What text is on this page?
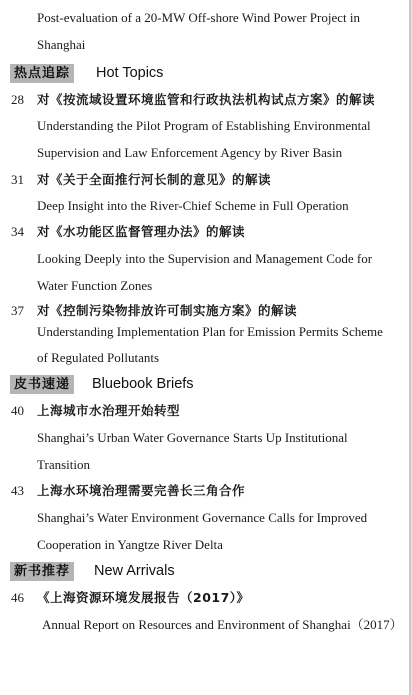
Post-evaluation of a 20-MW Off-shore Wind Power Project in
Shanghai
热点追踪 Hot Topics
28 对《按流域设置环境监管和行政执法机构试点方案》的解读
Understanding the Pilot Program of Establishing Environmental
Supervision and Law Enforcement Agency by River Basin
31 对《关于全面推行河长制的意见》的解读
Deep Insight into the River-Chief Scheme in Full Operation
34 对《水功能区监督管理办法》的解读
Looking Deeply into the Supervision and Management Code for
Water Function Zones
37 对《控制污染物排放许可制实施方案》的解读
Understanding Implementation Plan for Emission Permits Scheme
of Regulated Pollutants
皮书速递 Bluebook Briefs
40 上海城市水治理开始转型
Shanghai’s Urban Water Governance Starts Up Institutional
Transition
43 上海水环境治理需要完善长三角合作
Shanghai’s Water Environment Governance Calls for Improved
Cooperation in Yangtze River Delta
新书推荐 New Arrivals
46 《上海资源环境发展报告（2017）》
Annual Report on Resources and Environment of Shanghai（2017）
